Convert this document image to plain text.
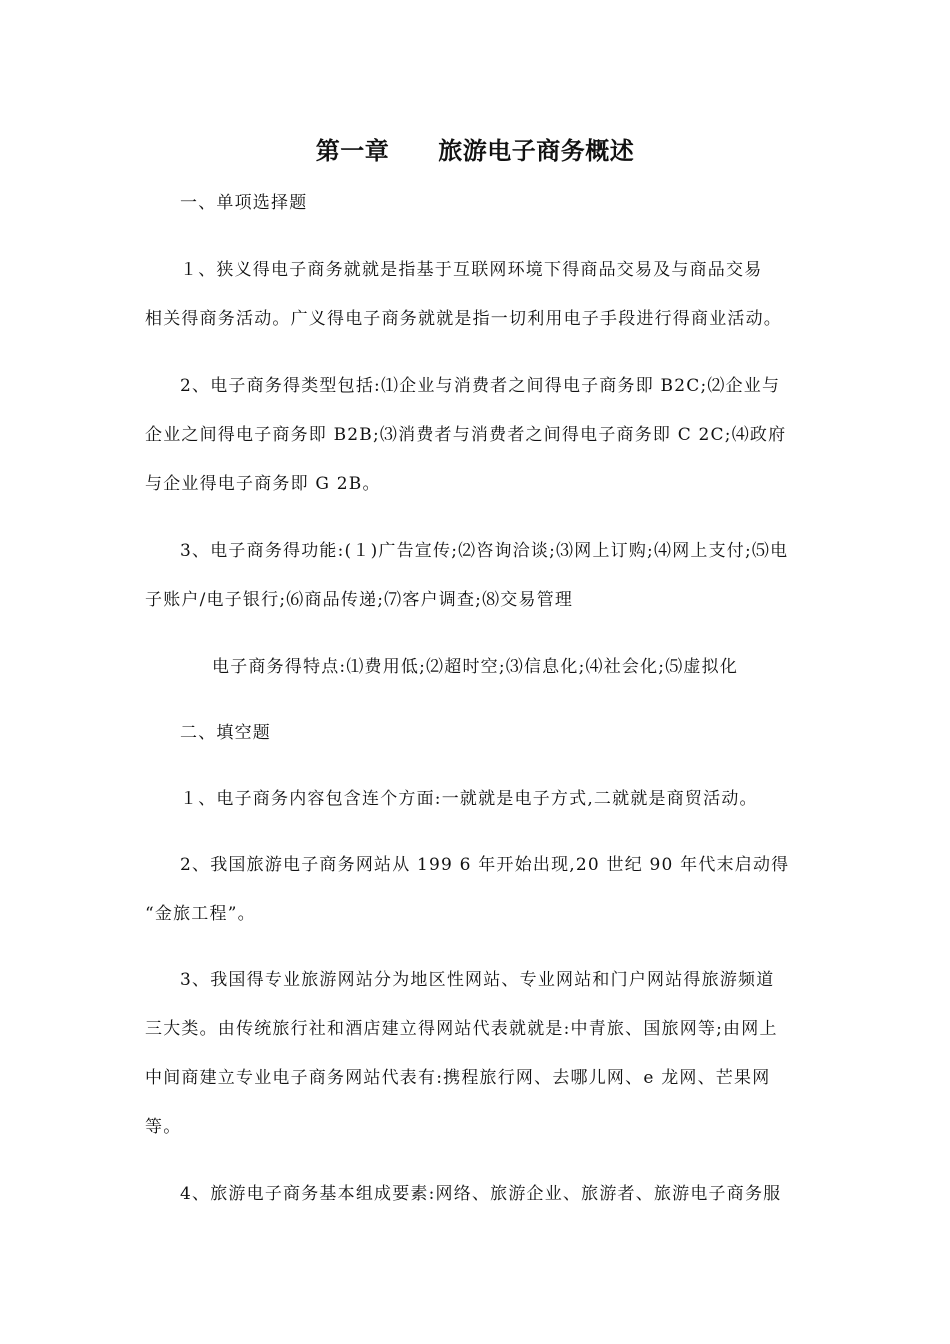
第一章　　旅游电子商务概述
一、单项选择题
１、狭义得电子商务就就是指基于互联网环境下得商品交易及与商品交易
相关得商务活动。广义得电子商务就就是指一切利用电子手段进行得商业活动。
2、电子商务得类型包括:⑴企业与消费者之间得电子商务即 B2C;⑵企业与
企业之间得电子商务即 B2B;⑶消费者与消费者之间得电子商务即 C 2C;⑷政府
与企业得电子商务即 G 2B。
3、电子商务得功能:(１)广告宣传;⑵咨询洽谈;⑶网上订购;⑷网上支付;⑸电
子账户/电子银行;⑹商品传递;⑺客户调查;⑻交易管理
电子商务得特点:⑴费用低;⑵超时空;⑶信息化;⑷社会化;⑸虚拟化
二、填空题
１、电子商务内容包含连个方面:一就就是电子方式,二就就是商贸活动。
2、我国旅游电子商务网站从 199 6 年开始出现,20 世纪 90 年代末启动得
“金旅工程”。
3、我国得专业旅游网站分为地区性网站、专业网站和门户网站得旅游频道
三大类。由传统旅行社和酒店建立得网站代表就就是:中青旅、国旅网等;由网上
中间商建立专业电子商务网站代表有:携程旅行网、去哪儿网、e 龙网、芒果网
等。
4、旅游电子商务基本组成要素:网络、旅游企业、旅游者、旅游电子商务服
